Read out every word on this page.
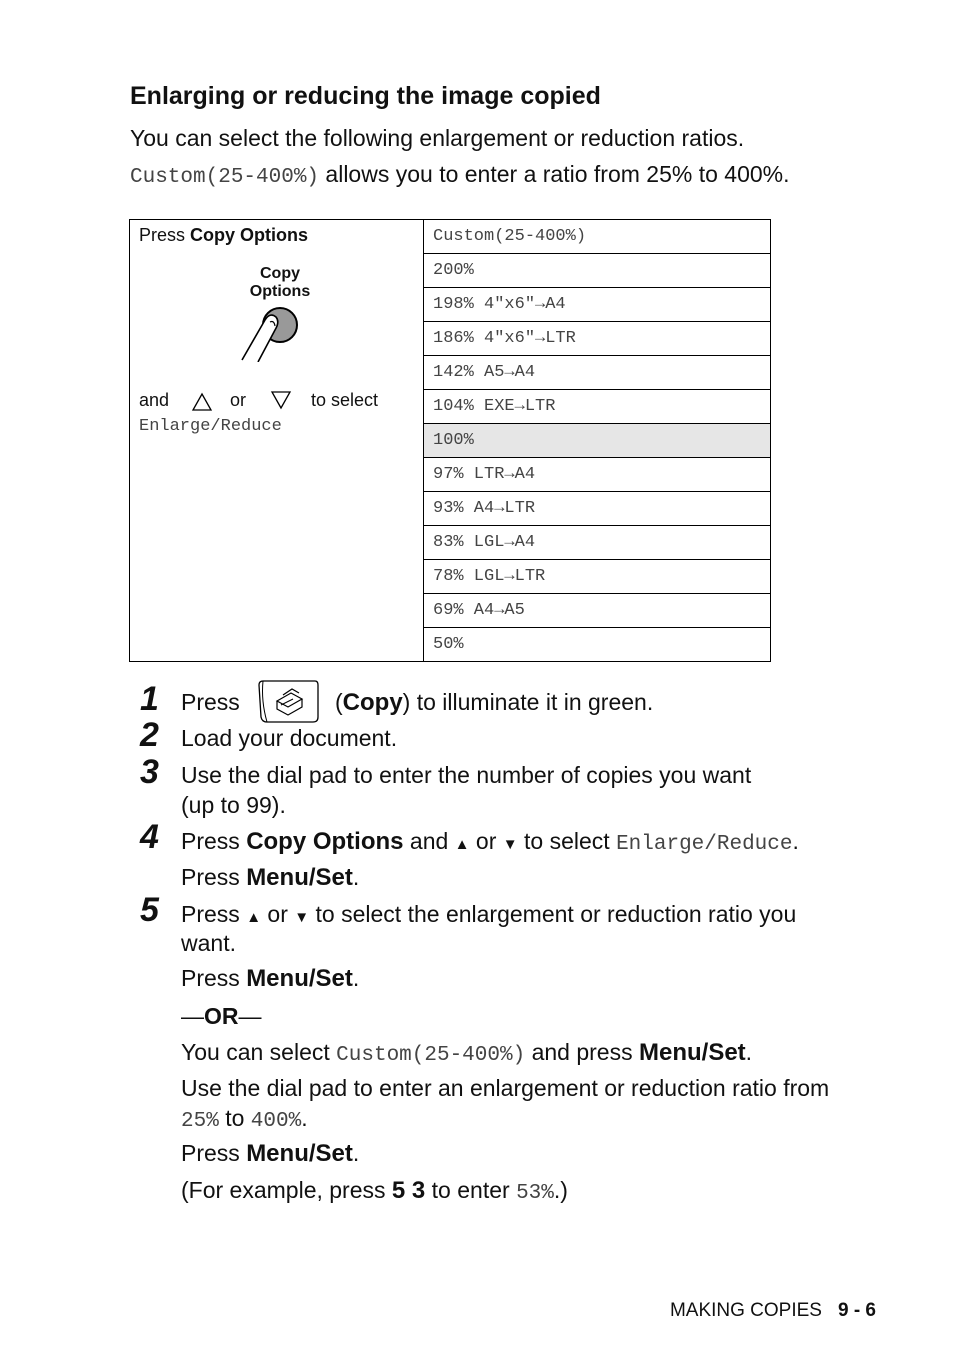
Enlarging or reducing the image copied
You can select the following enlargement or reduction ratios.
Custom(25-400%) allows you to enter a ratio from 25% to 400%.
Press Copy Options
Copy
Options
and	or	to select
Enlarge/Reduce
Custom(25-400%)
200%
198% 4"x6"→A4
186% 4"x6"→LTR
142% A5→A4
104% EXE→LTR
100%
97% LTR→A4
93% A4→LTR
83% LGL→A4
78% LGL→LTR
69% A4→A5
50%
1 Press	(Copy) to illuminate it in green.
2 Load your document.
3 Use the dial pad to enter the number of copies you want
(up to 99).
4 Press Copy Options and ▲ or ▼ to select Enlarge/Reduce.
Press Menu/Set.
5 Press ▲ or ▼ to select the enlargement or reduction ratio you
want.
Press Menu/Set.
—OR—
You can select Custom(25-400%) and press Menu/Set.
Use the dial pad to enter an enlargement or reduction ratio from
25% to 400%.
Press Menu/Set.
(For example, press 5 3 to enter 53%.)
MAKING COPIES 9 - 6
